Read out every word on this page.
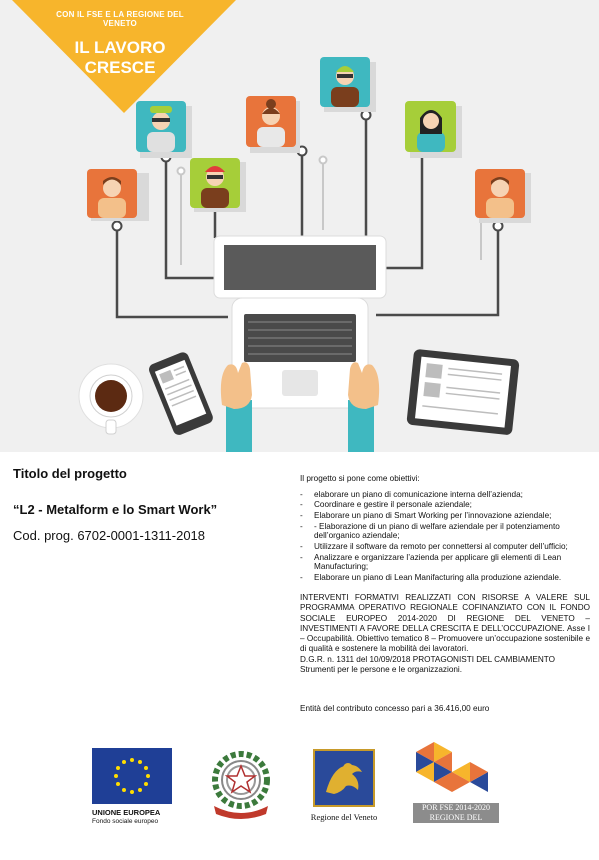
CON IL FSE E LA REGIONE DEL VENETO
IL LAVORO
CRESCE
Titolo del progetto
“L2 - Metalform e lo Smart Work”
Cod. prog. 6702-0001-1311-2018
Il progetto si pone come obiettivi:
- elaborare un piano di comunicazione interna dell’azienda;
- Coordinare e gestire il personale aziendale;
- Elaborare un piano di Smart Working per l’innovazione aziendale;
- - Elaborazione di un piano di welfare aziendale per il potenziamento dell’organico aziendale;
- Utilizzare il software da remoto per connettersi al computer dell’ufficio;
- Analizzare e organizzare l’azienda per applicare gli elementi di Lean Manufacturing;
- Elaborare un piano di Lean Manifacturing alla produzione aziendale.

INTERVENTI FORMATIVI REALIZZATI CON RISORSE A VALERE SUL PROGRAMMA OPERATIVO REGIONALE COFINANZIATO CON IL FONDO SOCIALE EUROPEO 2014-2020 DI REGIONE DEL VENETO – INVESTIMENTI A FAVORE DELLA CRESCITA E DELL’OCCUPAZIONE. Asse I – Occupabilità. Obiettivo tematico 8 – Promuovere un’occupazione sostenibile e di qualità e sostenere la mobilità dei lavoratori.

D.G.R. n. 1311 del 10/09/2018 PROTAGONISTI DEL CAMBIAMENTO

Strumenti per le persone e le organizzazioni.

Entità del contributo concesso pari a 36.416,00 euro
UNIONE EUROPEA
Fondo sociale europeo	Regione del Veneto
POR FSE 2014-2020
REGIONE DEL VENETO
